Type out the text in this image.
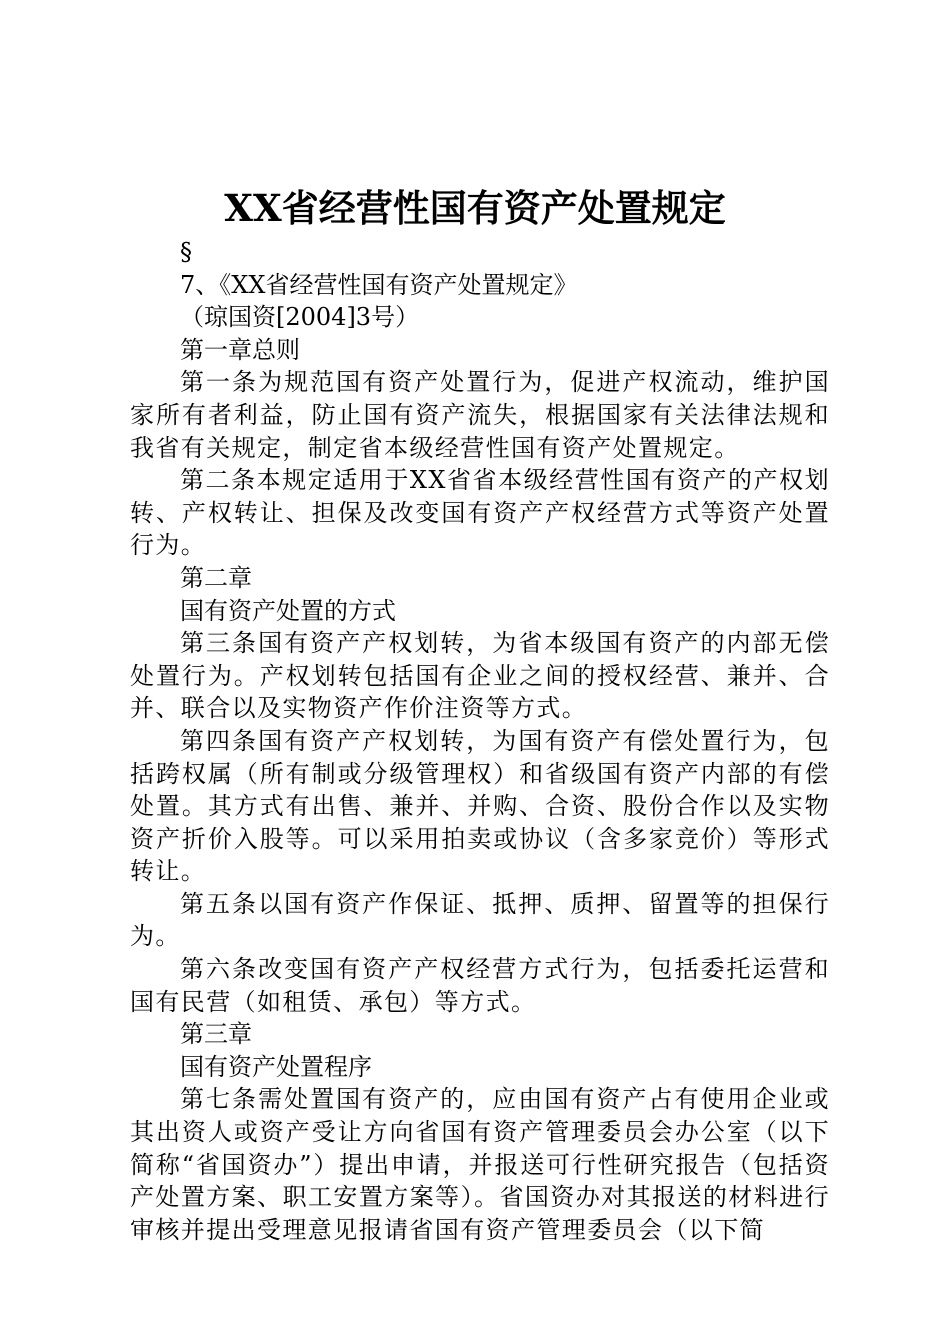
XX省经营性国有资产处置规定

§

7、《XX省经营性国有资产处置规定》

（琼国资[2004]3号）

第一章总则

第一条为规范国有资产处置行为，促进产权流动，维护国家所有者利益，防止国有资产流失，根据国家有关法律法规和我省有关规定，制定省本级经营性国有资产处置规定。

第二条本规定适用于XX省省本级经营性国有资产的产权划转、产权转让、担保及改变国有资产产权经营方式等资产处置行为。

第二章

国有资产处置的方式

第三条国有资产产权划转，为省本级国有资产的内部无偿处置行为。产权划转包括国有企业之间的授权经营、兼并、合并、联合以及实物资产作价注资等方式。

第四条国有资产产权划转，为国有资产有偿处置行为，包括跨权属（所有制或分级管理权）和省级国有资产内部的有偿处置。其方式有出售、兼并、并购、合资、股份合作以及实物资产折价入股等。可以采用拍卖或协议（含多家竞价）等形式转让。

第五条以国有资产作保证、抵押、质押、留置等的担保行为。

第六条改变国有资产产权经营方式行为，包括委托运营和国有民营（如租赁、承包）等方式。

第三章

国有资产处置程序

第七条需处置国有资产的，应由国有资产占有使用企业或其出资人或资产受让方向省国有资产管理委员会办公室（以下简称“省国资办”）提出申请，并报送可行性研究报告（包括资产处置方案、职工安置方案等）。省国资办对其报送的材料进行审核并提出受理意见报请省国有资产管理委员会（以下简
